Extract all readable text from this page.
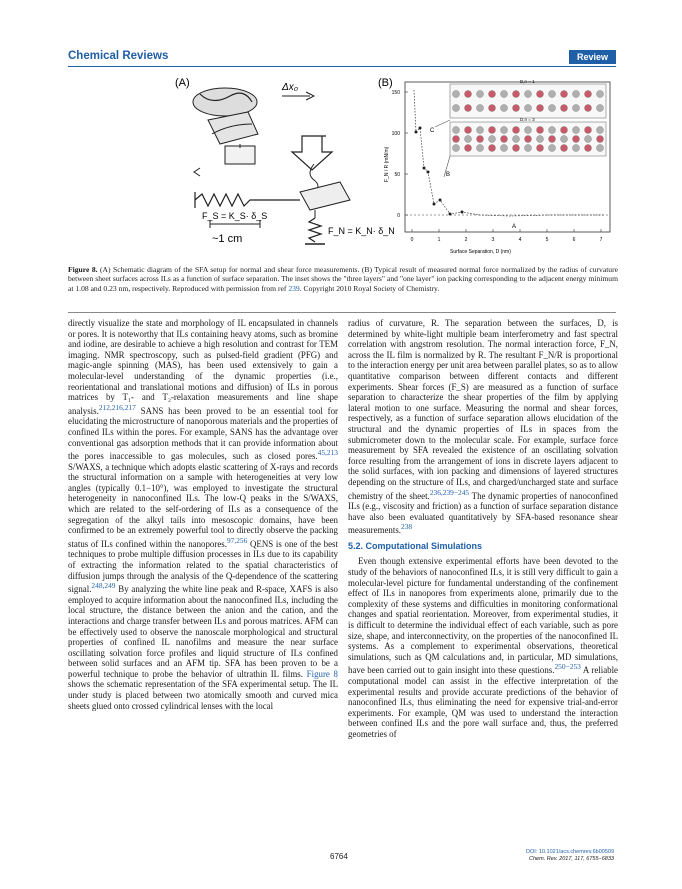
Chemical Reviews	Review
(A)	Δx₀
F_S = K_S· δ_S
F_N = K_N· δ_N
~1 cm
(B)
0
50
100
150
0	1	2	3	4	5	6	7
D,n = 1
D,n = 3
A
B
C
F_N / R (mN/m)
Surface Separation, D (nm)
Figure 8. (A) Schematic diagram of the SFA setup for normal and shear force measurements. (B) Typical result of measured normal force normalized by the radius of curvature between sheet surfaces across ILs as a function of surface separation. The inset shows the "three layers" and "one layer" ion packing corresponding to the adjacent energy minimum at 1.08 and 0.23 nm, respectively. Reproduced with permission from ref 239. Copyright 2010 Royal Society of Chemistry.

directly visualize the state and morphology of IL encapsulated in channels or pores. It is noteworthy that ILs containing heavy atoms, such as bromine and iodine, are desirable to achieve a high resolution and contrast for TEM imaging. NMR spectroscopy, such as pulsed-field gradient (PFG) and magic-angle spinning (MAS), has been used extensively to gain a molecular-level understanding of the dynamic properties (i.e., reorientational and translational motions and diffusion) of ILs in porous matrices by T₁- and T₂-relaxation measurements and line shape analysis.$^{212,216,217}$ SANS has been proved to be an essential tool for elucidating the microstructure of nanoporous materials and the properties of confined ILs within the pores. For example, SANS has the advantage over conventional gas adsorption methods that it can provide information about the pores inaccessible to gas molecules, such as closed pores.$^{45,213}$ S/WAXS, a technique which adopts elastic scattering of X-rays and records the structural information on a sample with heterogeneities at very low angles (typically 0.1−10°), was employed to investigate the structural heterogeneity in nanoconfined ILs. The low-Q peaks in the S/WAXS, which are related to the self-ordering of ILs as a consequence of the segregation of the alkyl tails into mesoscopic domains, have been confirmed to be an extremely powerful tool to directly observe the packing status of ILs confined within the nanopores.$^{97,256}$ QENS is one of the best techniques to probe multiple diffusion processes in ILs due to its capability of extracting the information related to the spatial characteristics of diffusion jumps through the analysis of the Q-dependence of the scattering signal.$^{248,249}$ By analyzing the white line peak and R-space, XAFS is also employed to acquire information about the nanoconfined ILs, including the local structure, the distance between the anion and the cation, and the interactions and charge transfer between ILs and porous matrices. AFM can be effectively used to observe the nanoscale morphological and structural properties of confined IL nanofilms and measure the near surface oscillating solvation force profiles and liquid structure of ILs confined between solid surfaces and an AFM tip. SFA has been proven to be a powerful technique to probe the behavior of ultrathin IL films. Figure 8 shows the schematic representation of the SFA experimental setup. The IL under study is placed between two atomically smooth and curved mica sheets glued onto crossed cylindrical lenses with the local

radius of curvature, R. The separation between the surfaces, D, is determined by white-light multiple beam interferometry and fast spectral correlation with angstrom resolution. The normal interaction force, F_N, across the IL film is normalized by R. The resultant F_N/R is proportional to the interaction energy per unit area between parallel plates, so as to allow quantitative comparison between different contacts and different experiments. Shear forces (F_S) are measured as a function of surface separation to characterize the shear properties of the film by applying lateral motion to one surface. Measuring the normal and shear forces, respectively, as a function of surface separation allows elucidation of the structural and the dynamic properties of ILs in spaces from the submicrometer down to the molecular scale. For example, surface force measurement by SFA revealed the existence of an oscillating solvation force resulting from the arrangement of ions in discrete layers adjacent to the solid surfaces, with ion packing and dimensions of layered structures depending on the structure of ILs, and charged/uncharged state and surface chemistry of the sheet.$^{236,239-245}$ The dynamic properties of nanoconfined ILs (e.g., viscosity and friction) as a function of surface separation distance have also been evaluated quantitatively by SFA-based resonance shear measurements.$^{238}$

5.2. Computational Simulations

Even though extensive experimental efforts have been devoted to the study of the behaviors of nanoconfined ILs, it is still very difficult to gain a molecular-level picture for fundamental understanding of the confinement effect of ILs in nanopores from experiments alone, primarily due to the complexity of these systems and difficulties in monitoring conformational changes and spatial reorientation. Moreover, from experimental studies, it is difficult to determine the individual effect of each variable, such as pore size, shape, and interconnectivity, on the properties of the nanoconfined IL systems. As a complement to experimental observations, theoretical simulations, such as QM calculations and, in particular, MD simulations, have been carried out to gain insight into these questions.$^{250-253}$ A reliable computational model can assist in the effective interpretation of the experimental results and provide accurate predictions of the behavior of nanoconfined ILs, thus eliminating the need for expensive trial-and-error experiments. For example, QM was used to understand the interaction between confined ILs and the pore wall surface and, thus, the preferred geometries of

6764	DOI: 10.1021/acs.chemrev.6b00509
Chem. Rev. 2017, 117, 6755−6833
